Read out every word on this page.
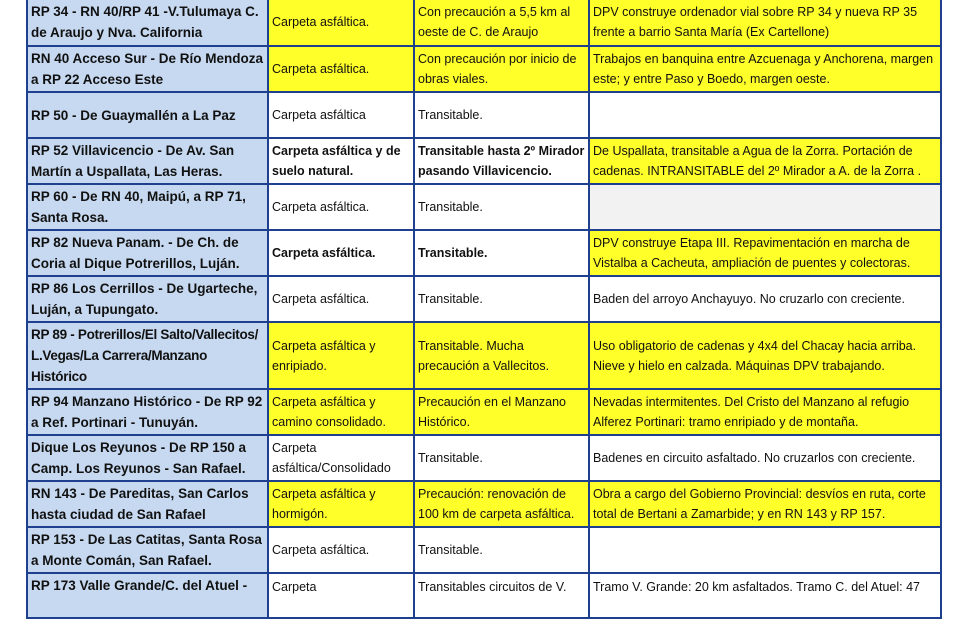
RP 34 - RN 40/RP 41 -V.Tulumaya C. de Araujo y Nva. California	Carpeta asfáltica.	Con precaución a 5,5 km al oeste de C. de Araujo	DPV construye ordenador vial sobre RP 34 y nueva RP 35 frente a barrio Santa María (Ex Cartellone)
RN 40 Acceso Sur - De Río Mendoza a RP 22 Acceso Este	Carpeta asfáltica.	Con precaución por inicio de obras viales.	Trabajos en banquina entre Azcuenaga y Anchorena, margen este; y entre Paso y Boedo, margen oeste.
RP 50 - De Guaymallén a La Paz	Carpeta asfáltica	Transitable.	
RP 52 Villavicencio - De Av. San Martín a Uspallata, Las Heras.	Carpeta asfáltica y de suelo natural.	Transitable hasta 2º Mirador pasando Villavicencio.	De Uspallata, transitable a Agua de la Zorra. Portación de cadenas. INTRANSITABLE del 2º Mirador a A. de la Zorra .
RP 60 - De RN 40, Maipú, a RP 71, Santa Rosa.	Carpeta asfáltica.	Transitable.	
RP 82 Nueva Panam. - De Ch. de Coria al Dique Potrerillos, Luján.	Carpeta asfáltica.	Transitable.	DPV construye Etapa III. Repavimentación en marcha de Vistalba a Cacheuta, ampliación de puentes y colectoras.
RP 86 Los Cerrillos - De Ugarteche, Luján, a Tupungato.	Carpeta asfáltica.	Transitable.	Baden del arroyo Anchayuyo. No cruzarlo con creciente.
RP 89 - Potrerillos/El Salto/Vallecitos/ L.Vegas/La Carrera/Manzano Histórico	Carpeta asfáltica y enripiado.	Transitable. Mucha precaución a Vallecitos.	Uso obligatorio de cadenas y 4x4 del Chacay hacia arriba. Nieve y hielo en calzada. Máquinas DPV trabajando.
RP 94 Manzano Histórico - De RP 92 a Ref. Portinari - Tunuyán.	Carpeta asfáltica y camino consolidado.	Precaución en el Manzano Histórico.	Nevadas intermitentes. Del Cristo del Manzano al refugio Alferez Portinari: tramo enripiado y de montaña.
Dique Los Reyunos - De RP 150 a Camp. Los Reyunos - San Rafael.	Carpeta asfáltica/Consolidado	Transitable.	Badenes en circuito asfaltado. No cruzarlos con creciente.
RN 143 - De Pareditas, San Carlos hasta ciudad de San Rafael	Carpeta asfáltica y hormigón.	Precaución: renovación de 100 km de carpeta asfáltica.	Obra a cargo del Gobierno Provincial: desvíos en ruta, corte total de Bertani a Zamarbide; y en RN 143 y RP 157.
RP 153 - De Las Catitas, Santa Rosa a Monte Comán, San Rafael.	Carpeta asfáltica.	Transitable.	
RP 173 Valle Grande/C. del Atuel -	Carpeta	Transitables circuitos de V.	Tramo V. Grande: 20 km asfaltados. Tramo C. del Atuel: 47
